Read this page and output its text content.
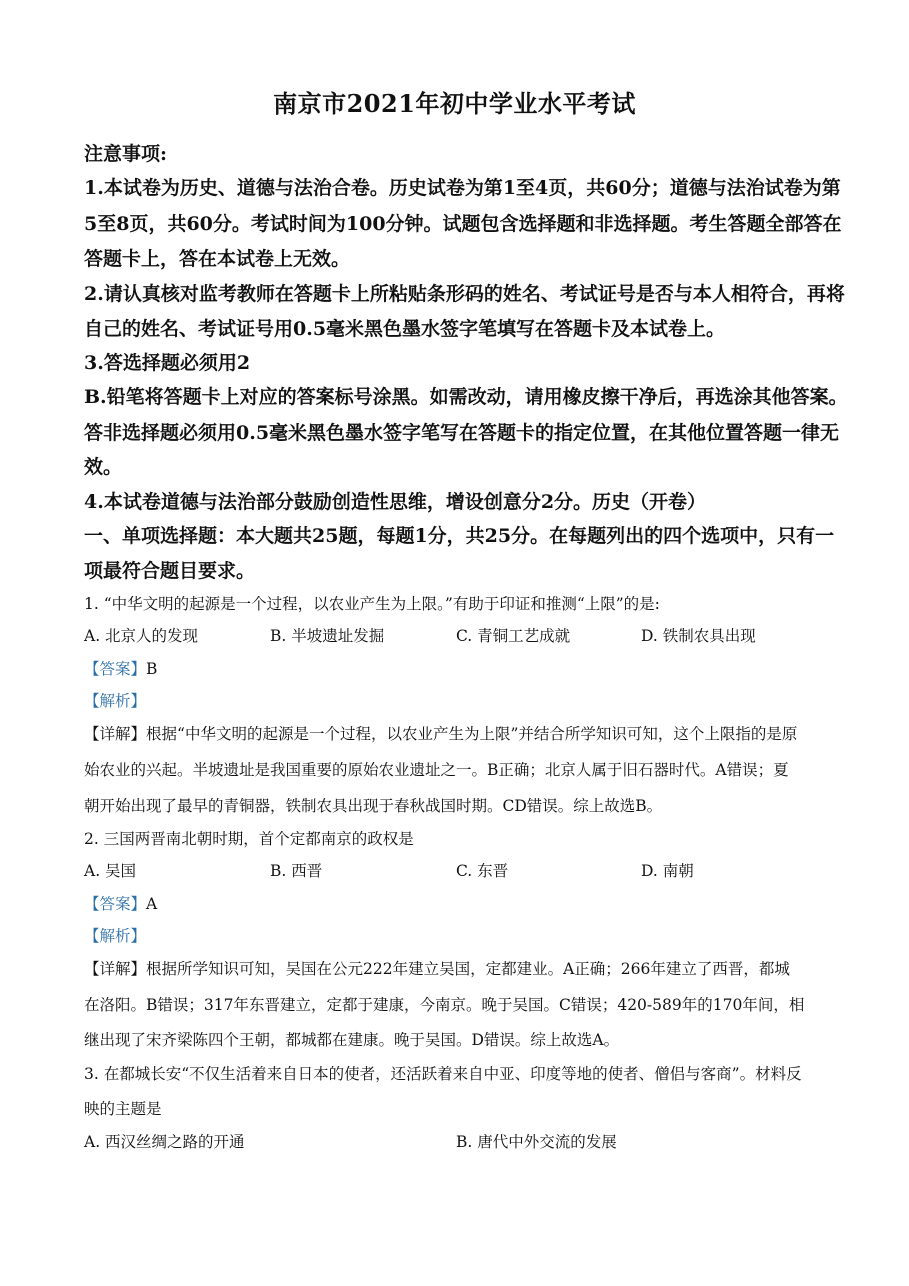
南京市2021年初中学业水平考试
注意事项:
1.本试卷为历史、道德与法治合卷。历史试卷为第1至4页，共60分；道德与法治试卷为第
5至8页，共60分。考试时间为100分钟。试题包含选择题和非选择题。考生答题全部答在
答题卡上，答在本试卷上无效。
2.请认真核对监考教师在答题卡上所粘贴条形码的姓名、考试证号是否与本人相符合，再将
自己的姓名、考试证号用0.5毫米黑色墨水签字笔填写在答题卡及本试卷上。
3.答选择题必须用2
B.铅笔将答题卡上对应的答案标号涂黑。如需改动，请用橡皮擦干净后，再选涂其他答案。
答非选择题必须用0.5毫米黑色墨水签字笔写在答题卡的指定位置，在其他位置答题一律无
效。
4.本试卷道德与法治部分鼓励创造性思维，增设创意分2分。历史（开卷）
一、单项选择题：本大题共25题，每题1分，共25分。在每题列出的四个选项中，只有一
项最符合题目要求。
1. “中华文明的起源是一个过程，以农业产生为上限。”有助于印证和推测“上限”的是:
A. 北京人的发现	B. 半坡遗址发掘	C. 青铜工艺成就	D. 铁制农具出现
【答案】B
【解析】
【详解】根据“中华文明的起源是一个过程，以农业产生为上限”并结合所学知识可知，这个上限指的是原
始农业的兴起。半坡遗址是我国重要的原始农业遗址之一。B正确；北京人属于旧石器时代。A错误；夏
朝开始出现了最早的青铜器，铁制农具出现于春秋战国时期。CD错误。综上故选B。
2. 三国两晋南北朝时期，首个定都南京的政权是
A. 吴国	B. 西晋	C. 东晋	D. 南朝
【答案】A
【解析】
【详解】根据所学知识可知，吴国在公元222年建立吴国，定都建业。A正确；266年建立了西晋，都城
在洛阳。B错误；317年东晋建立，定都于建康，今南京。晚于吴国。C错误；420-589年的170年间，相
继出现了宋齐梁陈四个王朝，都城都在建康。晚于吴国。D错误。综上故选A。
3. 在都城长安“不仅生活着来自日本的使者，还活跃着来自中亚、印度等地的使者、僧侣与客商”。材料反
映的主题是
A. 西汉丝绸之路的开通	B. 唐代中外交流的发展
